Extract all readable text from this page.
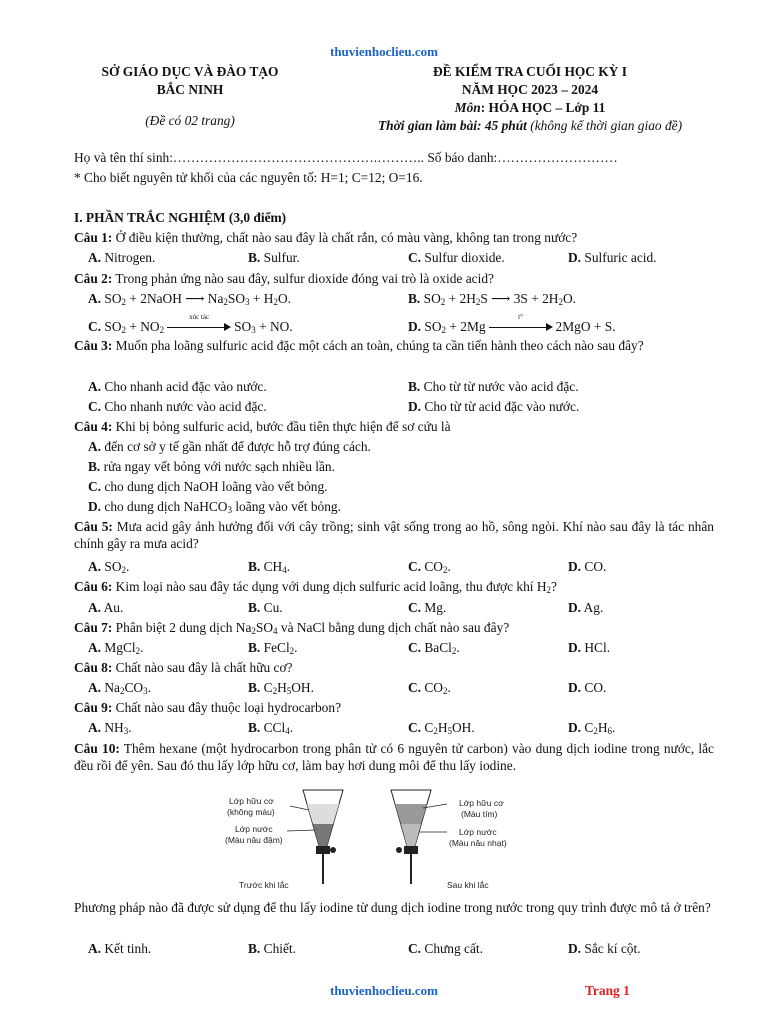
thuvienhoclieu.com
SỞ GIÁO DỤC VÀ ĐÀO TẠO
BẮC NINH
(Đề có 02 trang)
ĐỀ KIỂM TRA CUỐI HỌC KỲ I
NĂM HỌC 2023 – 2024
Môn: HÓA HỌC – Lớp 11
Thời gian làm bài: 45 phút (không kể thời gian giao đề)
Họ và tên thí sinh:……………………………………….……….. Số báo danh:………………………
* Cho biết nguyên tử khối của các nguyên tố: H=1; C=12; O=16.
I. PHẦN TRẮC NGHIỆM (3,0 điểm)
Câu 1: Ở điều kiện thường, chất nào sau đây là chất rắn, có màu vàng, không tan trong nước?
A. Nitrogen.	B. Sulfur.	C. Sulfur dioxide.	D. Sulfuric acid.
Câu 2: Trong phản ứng nào sau đây, sulfur dioxide đóng vai trò là oxide acid?
A. $SO_2$ + 2NaOH ⟶ $Na_2SO_3 + H_2O$.	B. $SO_2 + 2H_2S$ ⟶ $3S + 2H_2O$.
C. $SO_2 + NO_2$
xúc tác
$SO_3$ + NO.	D. $SO_2 + 2Mg$
t°
2MgO + S.
Câu 3: Muốn pha loãng sulfuric acid đặc một cách an toàn, chúng ta cần tiến hành theo cách nào sau đây?
A. Cho nhanh acid đặc vào nước.	B. Cho từ từ nước vào acid đặc.
C. Cho nhanh nước vào acid đặc.	D. Cho từ từ acid đặc vào nước.
Câu 4: Khi bị bỏng sulfuric acid, bước đầu tiên thực hiện để sơ cứu là
A. đến cơ sở y tế gần nhất để được hỗ trợ đúng cách.
B. rửa ngay vết bỏng với nước sạch nhiều lần.
C. cho dung dịch NaOH loãng vào vết bỏng.
D. cho dung dịch NaHCO$_3$ loãng vào vết bỏng.
Câu 5: Mưa acid gây ảnh hưởng đối với cây trồng; sinh vật sống trong ao hồ, sông ngòi. Khí nào sau đây là tác nhân chính gây ra mưa acid?
A. $SO_2$.	B. $CH_4$.	C. $CO_2$.	D. CO.
Câu 6: Kim loại nào sau đây tác dụng với dung dịch sulfuric acid loãng, thu được khí $H_2$?
A. Au.	B. Cu.	C. Mg.	D. Ag.
Câu 7: Phân biệt 2 dung dịch $Na_2SO_4$ và NaCl bằng dung dịch chất nào sau đây?
A. MgCl$_2$.	B. FeCl$_2$.	C. BaCl$_2$.	D. HCl.
Câu 8: Chất nào sau đây là chất hữu cơ?
A. $Na_2CO_3$.	B. $C_2H_5OH$.	C. $CO_2$.	D. CO.
Câu 9: Chất nào sau đây thuộc loại hydrocarbon?
A. $NH_3$.	B. CCl$_4$.	C. $C_2H_5OH$.	D. $C_2H_6$.
Câu 10: Thêm hexane (một hydrocarbon trong phân tử có 6 nguyên tử carbon) vào dung dịch iodine trong nước, lắc đều rồi để yên. Sau đó thu lấy lớp hữu cơ, làm bay hơi dung môi để thu lấy iodine.
Lớp hữu cơ
(không màu)
Lớp nước
(Màu nâu đậm)
Trước khi lắc
Lớp hữu cơ
(Màu tím)
Lớp nước
(Màu nâu nhạt)
Sau khi lắc
Phương pháp nào đã được sử dụng để thu lấy iodine từ dung dịch iodine trong nước trong quy trình được mô tả ở trên?
A. Kết tinh.	B. Chiết.	C. Chưng cất.	D. Sắc kí cột.
thuvienhoclieu.com	Trang 1
